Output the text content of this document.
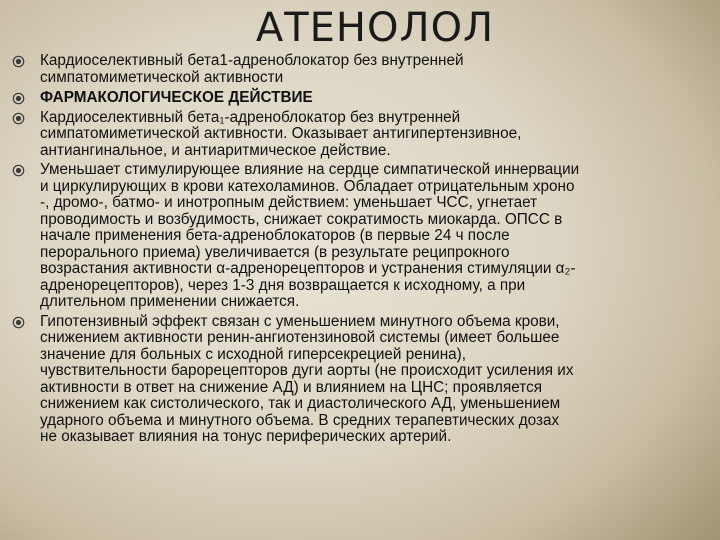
АТЕНОЛОЛ
Кардиоселективный бета1-адреноблокатор без внутренней
симпатомиметической активности
ФАРМАКОЛОГИЧЕСКОЕ ДЕЙСТВИЕ
Кардиоселективный бета₁-адреноблокатор без внутренней
симпатомиметической активности. Оказывает антигипертензивное,
антиангинальное, и антиаритмическое действие.
Уменьшает стимулирующее влияние на сердце симпатической иннервации
и циркулирующих в крови катехоламинов. Обладает отрицательным хроно
-, дромо-, батмо- и инотропным действием: уменьшает ЧСС, угнетает
проводимость и возбудимость, снижает сократимость миокарда. ОПСС в
начале применения бета-адреноблокаторов (в первые 24 ч после
перорального приема) увеличивается (в результате реципрокного
возрастания активности α-адренорецепторов и устранения стимуляции α₂-
адренорецепторов), через 1-3 дня возвращается к исходному, а при
длительном применении снижается.
Гипотензивный эффект связан с уменьшением минутного объема крови,
снижением активности ренин-ангиотензиновой системы (имеет большее
значение для больных с исходной гиперсекрецией ренина),
чувствительности барорецепторов дуги аорты (не происходит усиления их
активности в ответ на снижение АД) и влиянием на ЦНС; проявляется
снижением как систолического, так и диастолического АД, уменьшением
ударного объема и минутного объема. В средних терапевтических дозах
не оказывает влияния на тонус периферических артерий.
